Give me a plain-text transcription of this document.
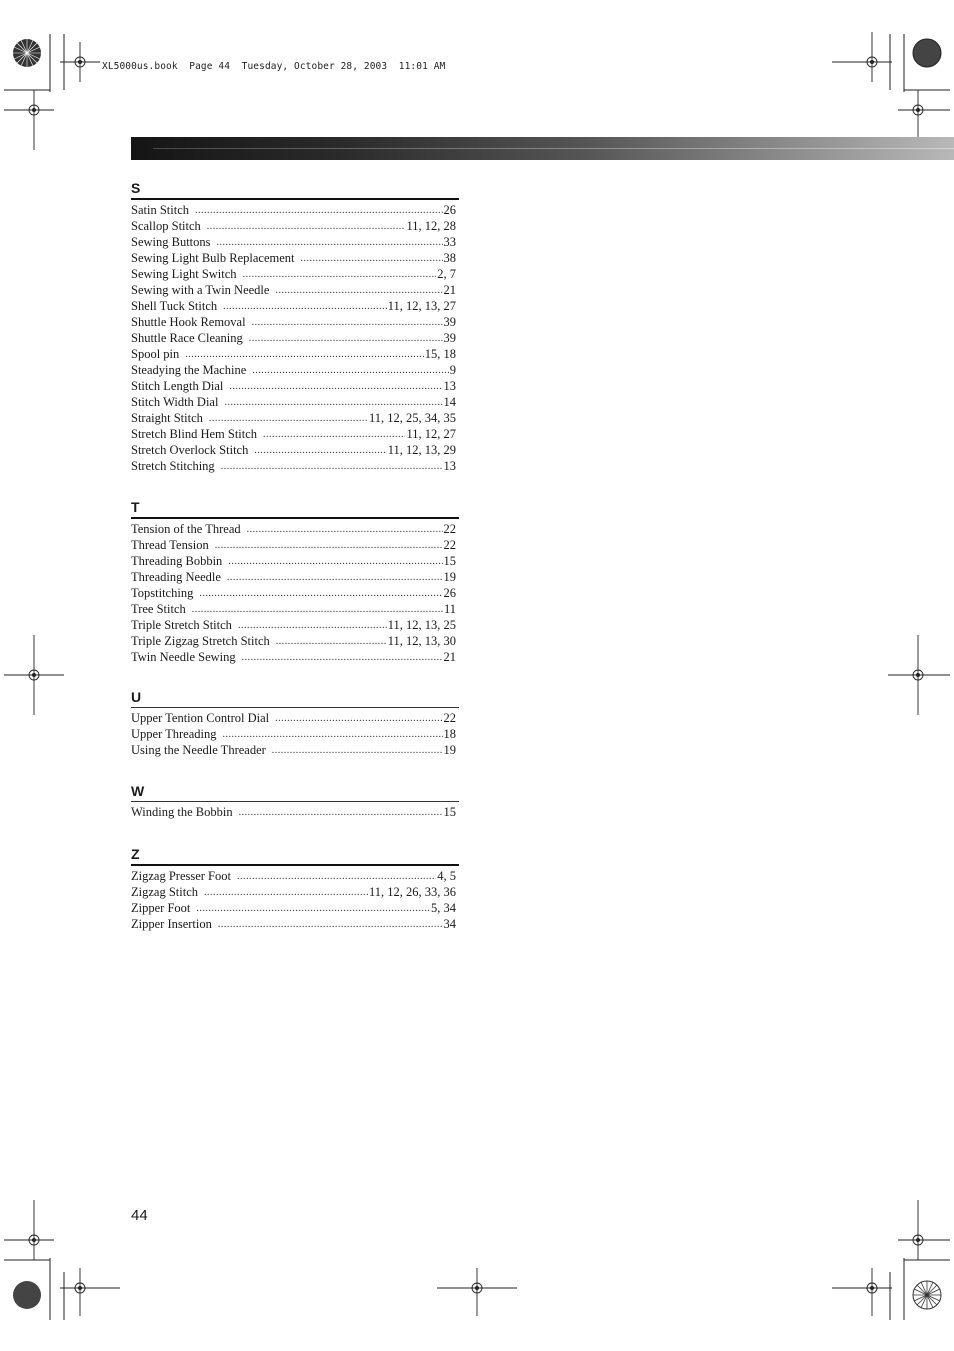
XL5000us.book  Page 44  Tuesday, October 28, 2003  11:01 AM
S
Satin Stitch .....	26
Scallop Stitch .....	11, 12, 28
Sewing Buttons .....	33
Sewing Light Bulb Replacement .....	38
Sewing Light Switch .....	2, 7
Sewing with a Twin Needle .....	21
Shell Tuck Stitch .....	11, 12, 13, 27
Shuttle Hook Removal .....	39
Shuttle Race Cleaning .....	39
Spool pin .....	15, 18
Steadying the Machine .....	9
Stitch Length Dial .....	13
Stitch Width Dial .....	14
Straight Stitch .....	11, 12, 25, 34, 35
Stretch Blind Hem Stitch .....	11, 12, 27
Stretch Overlock Stitch .....	11, 12, 13, 29
Stretch Stitching .....	13
T
Tension of the Thread .....	22
Thread Tension .....	22
Threading Bobbin .....	15
Threading Needle .....	19
Topstitching .....	26
Tree Stitch .....	11
Triple Stretch Stitch .....	11, 12, 13, 25
Triple Zigzag Stretch Stitch .....	11, 12, 13, 30
Twin Needle Sewing .....	21
U
Upper Tention Control Dial .....	22
Upper Threading .....	18
Using the Needle Threader .....	19
W
Winding the Bobbin .....	15
Z
Zigzag Presser Foot .....	4, 5
Zigzag Stitch .....	11, 12, 26, 33, 36
Zipper Foot .....	5, 34
Zipper Insertion .....	34
44
